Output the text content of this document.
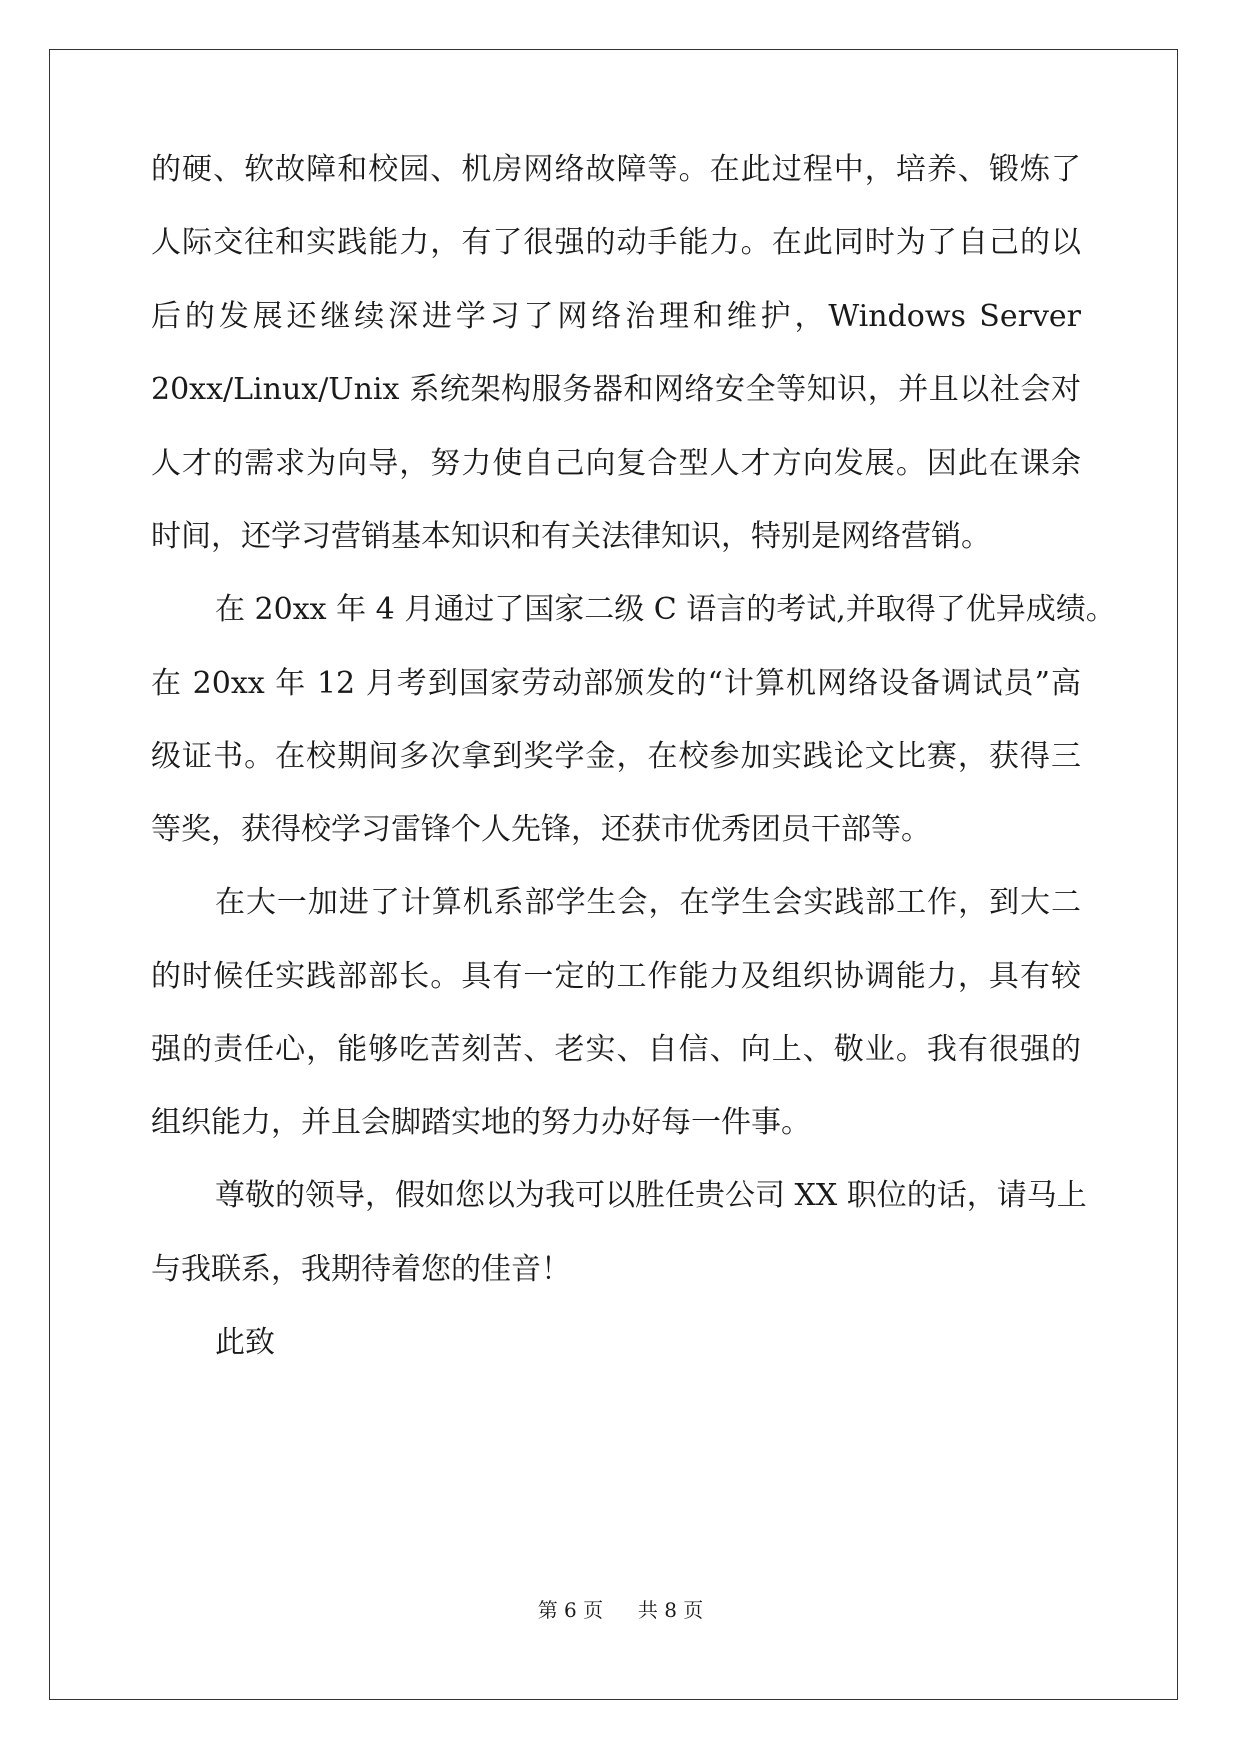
的硬、软故障和校园、机房网络故障等。在此过程中，培养、锻炼了
人际交往和实践能力，有了很强的动手能力。在此同时为了自己的以
后的发展还继续深进学习了网络治理和维护，Windows Server
20xx/Linux/Unix 系统架构服务器和网络安全等知识，并且以社会对
人才的需求为向导，努力使自己向复合型人才方向发展。因此在课余
时间，还学习营销基本知识和有关法律知识，特别是网络营销。
在 20xx 年 4 月通过了国家二级 C 语言的考试,并取得了优异成绩。
在 20xx 年 12 月考到国家劳动部颁发的“计算机网络设备调试员”高
级证书。在校期间多次拿到奖学金，在校参加实践论文比赛，获得三
等奖，获得校学习雷锋个人先锋，还获市优秀团员干部等。
在大一加进了计算机系部学生会，在学生会实践部工作，到大二
的时候任实践部部长。具有一定的工作能力及组织协调能力，具有较
强的责任心，能够吃苦刻苦、老实、自信、向上、敬业。我有很强的
组织能力，并且会脚踏实地的努力办好每一件事。
尊敬的领导，假如您以为我可以胜任贵公司 XX 职位的话，请马上
与我联系，我期待着您的佳音！
此致
第 6 页 共 8 页
